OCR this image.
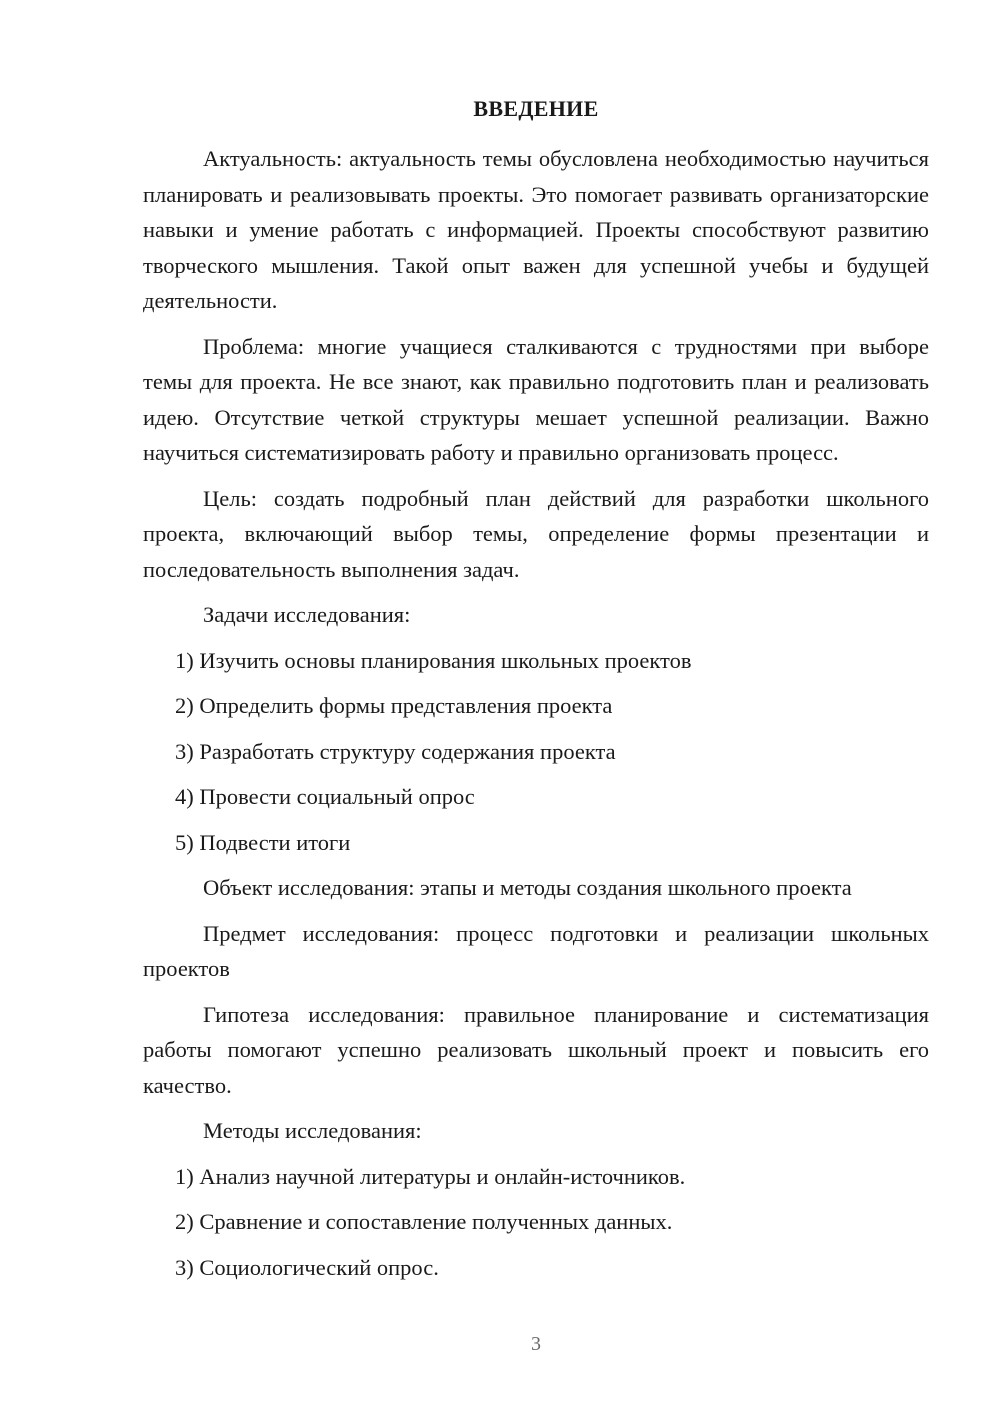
ВВЕДЕНИЕ

Актуальность: актуальность темы обусловлена необходимостью научиться планировать и реализовывать проекты. Это помогает развивать организаторские навыки и умение работать с информацией. Проекты способствуют развитию творческого мышления. Такой опыт важен для успешной учебы и будущей деятельности.

Проблема: многие учащиеся сталкиваются с трудностями при выборе темы для проекта. Не все знают, как правильно подготовить план и реализовать идею. Отсутствие четкой структуры мешает успешной реализации. Важно научиться систематизировать работу и правильно организовать процесс.

Цель: создать подробный план действий для разработки школьного проекта, включающий выбор темы, определение формы презентации и последовательность выполнения задач.

Задачи исследования:

1) Изучить основы планирования школьных проектов
2) Определить формы представления проекта
3) Разработать структуру содержания проекта
4) Провести социальный опрос
5) Подвести итоги

Объект исследования: этапы и методы создания школьного проекта

Предмет исследования: процесс подготовки и реализации школьных проектов

Гипотеза исследования: правильное планирование и систематизация работы помогают успешно реализовать школьный проект и повысить его качество.

Методы исследования:

1) Анализ научной литературы и онлайн-источников.
2) Сравнение и сопоставление полученных данных.
3) Социологический опрос.
3
